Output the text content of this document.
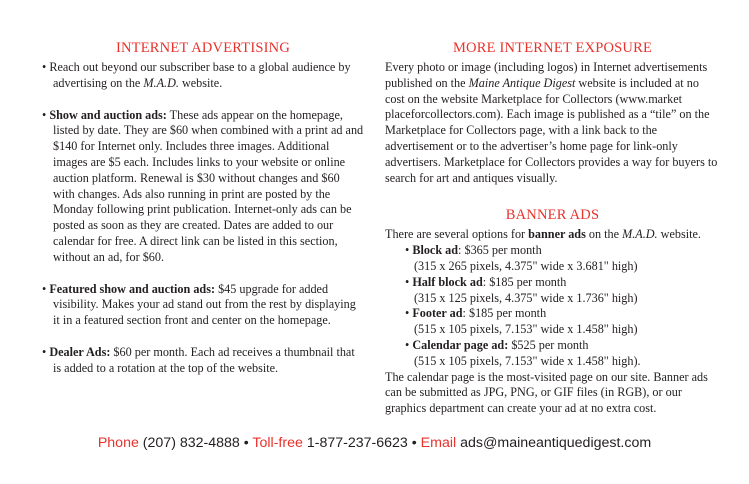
INTERNET ADVERTISING

• Reach out beyond our subscriber base to a global audience by advertising on the M.A.D. website.

• Show and auction ads: These ads appear on the homepage, listed by date. They are $60 when combined with a print ad and $140 for Internet only. Includes three images. Additional images are $5 each. Includes links to your website or online auction platform. Renewal is $30 without changes and $60 with changes. Ads also running in print are posted by the Monday following print publication. Internet-only ads can be posted as soon as they are created. Dates are added to our calendar for free. A direct link can be listed in this section, without an ad, for $60.

• Featured show and auction ads: $45 upgrade for added visibility. Makes your ad stand out from the rest by displaying it in a featured section front and center on the homepage.

• Dealer Ads: $60 per month. Each ad receives a thumbnail that is added to a rotation at the top of the website.

MORE INTERNET EXPOSURE

Every photo or image (including logos) in Internet advertisements published on the Maine Antique Digest website is included at no cost on the website Marketplace for Collectors (www.market placeforcollectors.com). Each image is published as a “tile” on the Marketplace for Collectors page, with a link back to the advertisement or to the advertiser’s home page for link-only advertisers. Marketplace for Collectors provides a way for buyers to search for art and antiques visually.

BANNER ADS

There are several options for banner ads on the M.A.D. website.

• Block ad: $365 per month
(315 x 265 pixels, 4.375" wide x 3.681" high)
• Half block ad: $185 per month
(315 x 125 pixels, 4.375" wide x 1.736" high)
• Footer ad: $185 per month
(515 x 105 pixels, 7.153" wide x 1.458" high)
• Calendar page ad: $525 per month
(515 x 105 pixels, 7.153" wide x 1.458" high).

The calendar page is the most-visited page on our site. Banner ads can be submitted as JPG, PNG, or GIF files (in RGB), or our graphics department can create your ad at no extra cost.

Phone (207) 832-4888 • Toll-free 1-877-237-6623 • Email ads@maineantiquedigest.com
